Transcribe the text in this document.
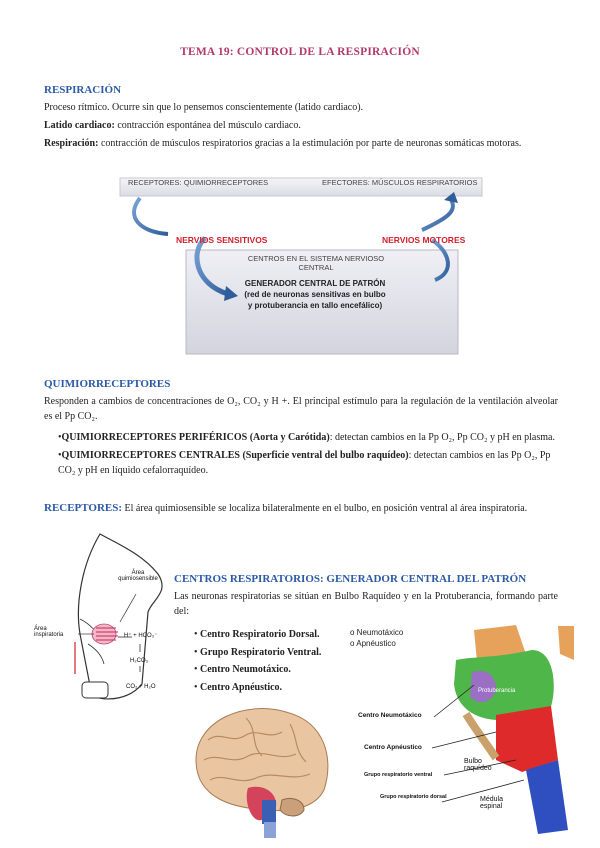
TEMA 19: CONTROL DE LA RESPIRACIÓN
RESPIRACIÓN
Proceso rítmico. Ocurre sin que lo pensemos conscientemente (latido cardiaco).
Latido cardiaco: contracción espontánea del músculo cardiaco.
Respiración: contracción de músculos respiratorios gracias a la estimulación por parte de neuronas somáticas motoras.
RECEPTORES: QUIMIORRECEPTORES	EFECTORES: MÚSCULOS RESPIRATORIOS
NERVIOS SENSITIVOS	NERVIOS MOTORES
CENTROS EN EL SISTEMA NERVIOSO CENTRAL
GENERADOR CENTRAL DE PATRÓN
(red de neuronas sensitivas en bulbo
y protuberancia en tallo encefálico)
QUIMIORRECEPTORES
Responden a cambios de concentraciones de O₂, CO₂ y H +. El principal estímulo para la regulación de la ventilación alveolar es el Pp CO₂.
•QUIMIORRECEPTORES PERIFÉRICOS (Aorta y Carótida): detectan cambios en la Pp O₂, Pp CO₂ y pH en plasma.
•QUIMIORRECEPTORES CENTRALES (Superficie ventral del bulbo raquídeo): detectan cambios en las Pp O₂, Pp CO₂ y pH en líquido cefalorraquídeo.
RECEPTORES: El área quimiosensible se localiza bilateralmente en el bulbo, en posición ventral al área inspiratoria.
Área quimiosensible
Área inspiratoria	H⁺ + HCO₃⁻
H₂CO₃
CO₂ + H₂O
CENTROS RESPIRATORIOS: GENERADOR CENTRAL DEL PATRÓN
Las neuronas respiratorias se sitúan en Bulbo Raquídeo y en la Protuberancia, formando parte del:
• Centro Respiratorio Dorsal.
• Grupo Respiratorio Ventral.
• Centro Neumotáxico.
• Centro Apnéustico.
o Neumotáxico
o Apnéustico
Centro Neumotáxico
Centro Apnéustico
Grupo respiratorio ventral
Grupo respiratorio dorsal
Protuberancia
Bulbo raquídeo
Médula espinal
